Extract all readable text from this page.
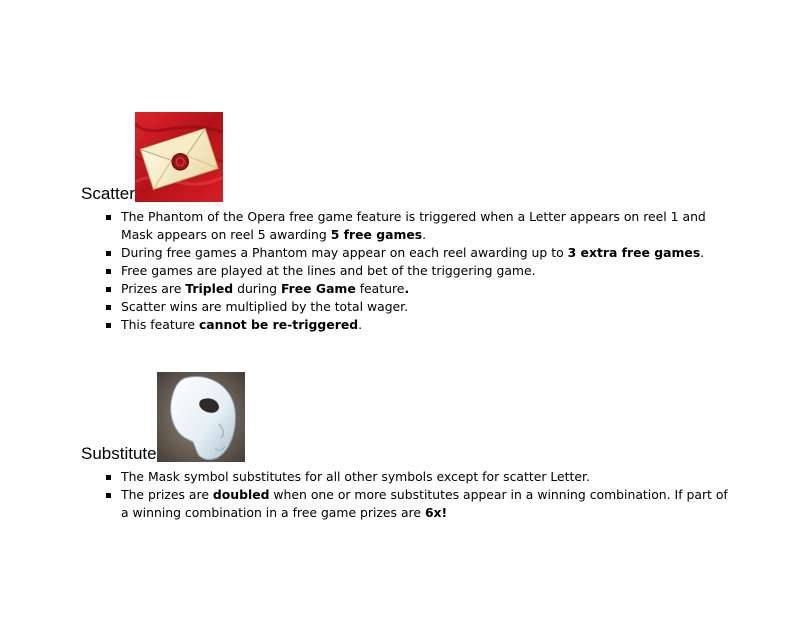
Scatter
The Phantom of the Opera free game feature is triggered when a Letter appears on reel 1 and Mask appears on reel 5 awarding 5 free games.
During free games a Phantom may appear on each reel awarding up to 3 extra free games.
Free games are played at the lines and bet of the triggering game.
Prizes are Tripled during Free Game feature.
Scatter wins are multiplied by the total wager.
This feature cannot be re-triggered.
Substitute
The Mask symbol substitutes for all other symbols except for scatter Letter.
The prizes are doubled when one or more substitutes appear in a winning combination. If part of a winning combination in a free game prizes are 6x!
